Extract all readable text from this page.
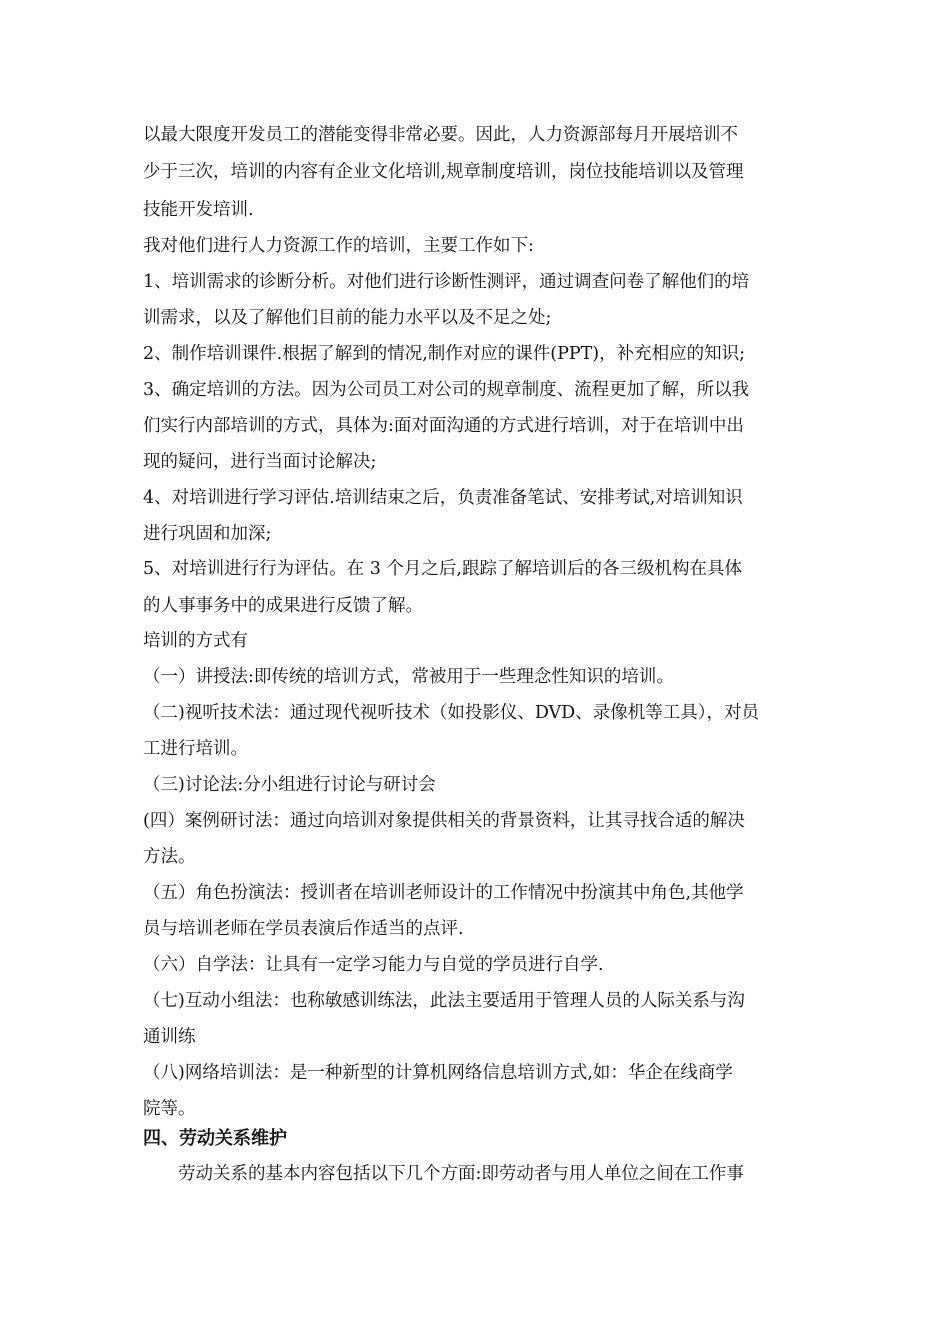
以最大限度开发员工的潜能变得非常必要。因此，人力资源部每月开展培训不
少于三次，培训的内容有企业文化培训,规章制度培训，岗位技能培训以及管理
技能开发培训.
我对他们进行人力资源工作的培训，主要工作如下:
1、培训需求的诊断分析。对他们进行诊断性测评，通过调查问卷了解他们的培
训需求，以及了解他们目前的能力水平以及不足之处;
2、制作培训课件.根据了解到的情况,制作对应的课件(PPT)，补充相应的知识;
3、确定培训的方法。因为公司员工对公司的规章制度、流程更加了解，所以我
们实行内部培训的方式，具体为:面对面沟通的方式进行培训，对于在培训中出
现的疑问，进行当面讨论解决;
4、对培训进行学习评估.培训结束之后，负责准备笔试、安排考试,对培训知识
进行巩固和加深;
5、对培训进行行为评估。在 3 个月之后,跟踪了解培训后的各三级机构在具体
的人事事务中的成果进行反馈了解。
培训的方式有
（一）讲授法:即传统的培训方式，常被用于一些理念性知识的培训。
（二)视听技术法：通过现代视听技术（如投影仪、DVD、录像机等工具），对员
工进行培训。
（三)讨论法:分小组进行讨论与研讨会
(四）案例研讨法：通过向培训对象提供相关的背景资料，让其寻找合适的解决
方法。
（五）角色扮演法：授训者在培训老师设计的工作情况中扮演其中角色,其他学
员与培训老师在学员表演后作适当的点评.
（六）自学法：让具有一定学习能力与自觉的学员进行自学.
（七)互动小组法：也称敏感训练法，此法主要适用于管理人员的人际关系与沟
通训练
（八)网络培训法：是一种新型的计算机网络信息培训方式,如：华企在线商学
院等。
四、劳动关系维护
劳动关系的基本内容包括以下几个方面:即劳动者与用人单位之间在工作事
